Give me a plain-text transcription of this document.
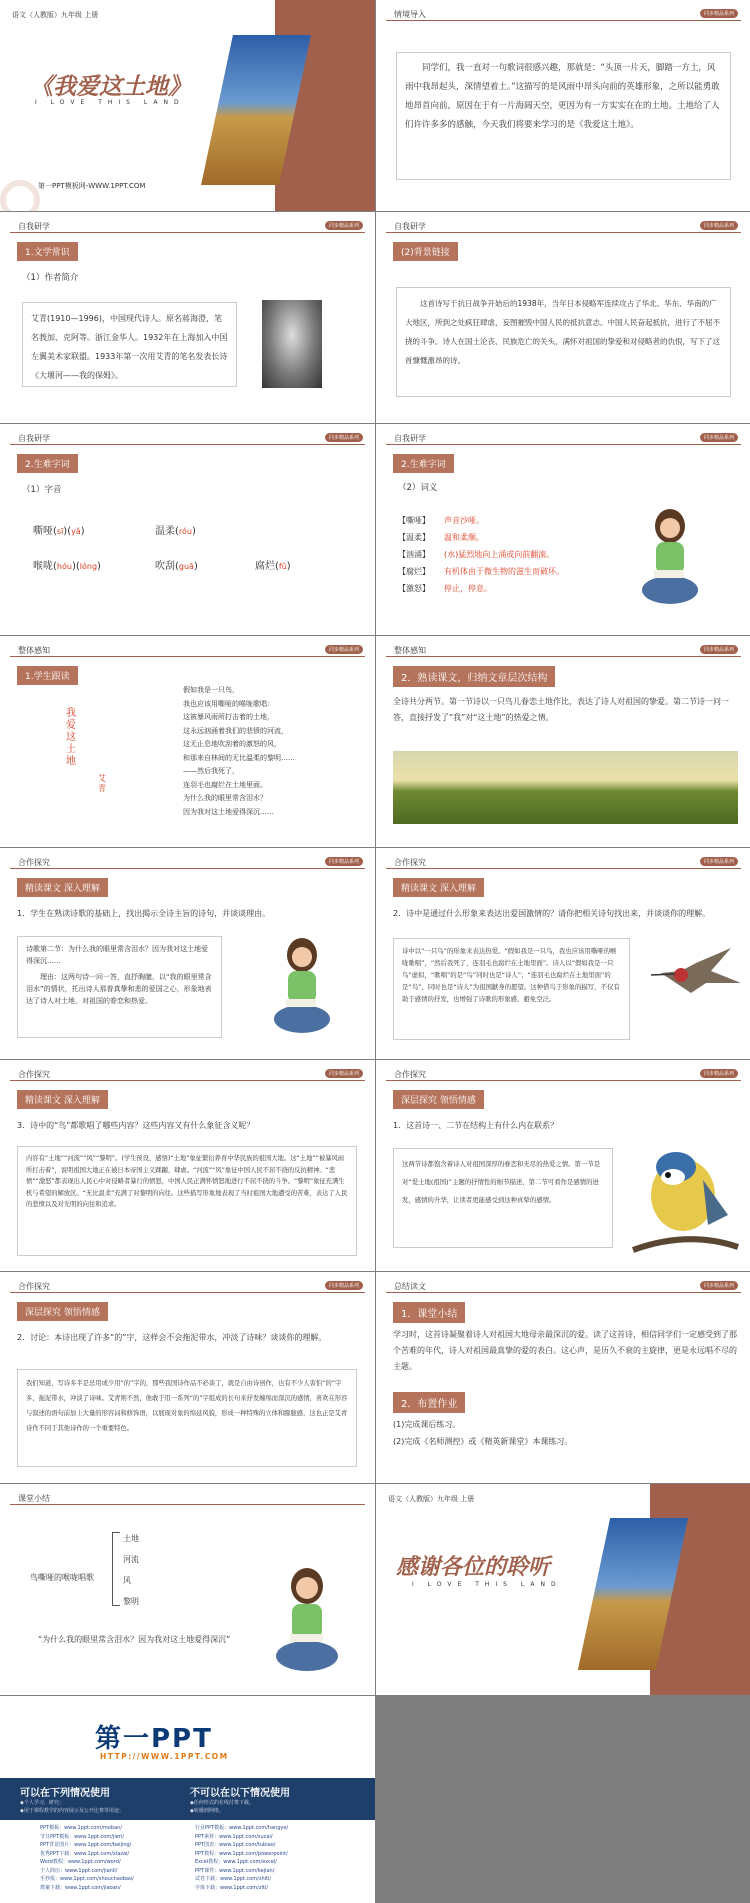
语文（人教版）九年级 上册
《我爱这土地》
I LOVE THIS LAND
第一PPT模板网-WWW.1PPT.COM
情境导入	同步精品系列
同学们，我一直对一句歌词很感兴趣，那就是：“头顶一片天，脚踏一方土，风雨中我昂起头，深情望着土。”这描写的是风雨中昂头向前的英雄形象，之所以能勇敢地昂首向前，原因在于有一片海阔天空，更因为有一方实实在在的土地。土地给了人们许许多多的感触，今天我们将要来学习的是《我爱这土地》。
自我研学	同步精品系列
1.文学常识
（1）作者简介
艾青(1910—1996)，中国现代诗人。原名蒋海澄，笔名莪加、克阿等。浙江金华人。1932年在上海加入中国左翼美术家联盟。1933年第一次用艾青的笔名发表长诗《大堰河——我的保姆》。
自我研学	同步精品系列
(2)背景链接
这首诗写于抗日战争开始后的1938年，当年日本侵略军连续攻占了华北、华东、华南的广大地区，所到之处疯狂肆虐，妄图摧毁中国人民的抵抗意志。中国人民奋起抵抗，进行了不屈不挠的斗争。诗人在国土沦丧、民族危亡的关头，满怀对祖国的挚爱和对侵略者的仇恨，写下了这首慷慨激昂的诗。
自我研学	同步精品系列
2.生难字词
（1）字音
嘶哑(sī)(yǎ)	温柔(róu)
喉咙(hóu)(lóng)	吹刮(guā)	腐烂(fǔ)
自我研学	同步精品系列
2.生难字词
（2）词义
【嘶哑】 声音沙哑。
【温柔】 温和柔顺。
【汹涌】 (水)猛烈地向上涌或向前翻滚。
【腐烂】 有机体由于微生物的滋生而破坏。
【激怒】 停止，停息。
整体感知	同步精品系列
1.学生跟读
我爱这土地
艾青
假如我是一只鸟，
我也应该用嘶哑的喉咙歌唱：
这被暴风雨所打击着的土地，
这永远汹涌着我们的悲愤的河流，
这无止息地吹刮着的激怒的风，
和那来自林间的无比温柔的黎明……
——然后我死了，
连羽毛也腐烂在土地里面。
为什么我的眼里常含泪水？
因为我对这土地爱得深沉……
整体感知	同步精品系列
2．熟读课文，归纳文章层次结构
全诗共分两节。第一节诗以一只鸟儿眷恋土地作比，表达了诗人对祖国的挚爱。第二节诗一问一答，直接抒发了“我”对“这土地”的热爱之情。
合作探究	同步精品系列
精读课文 深入理解
1．学生在熟读诗歌的基础上，找出揭示全诗主旨的诗句，并谈谈理由。
诗歌第二节：为什么我的眼里常含泪水？因为我对这土地爱得深沉……
理由：这两句诗一问一答，直抒胸臆，以“我的眼里常含泪水”的情状，托出诗人那眷真挚和悲的爱国之心，形象地表达了诗人对土地，对祖国的眷恋和热爱。
合作探究	同步精品系列
精读课文 深入理解
2．诗中是通过什么形象来表达出爱国激情的？请你把相关诗句找出来，并谈谈你的理解。
诗中以“一只鸟”的形象来表达热爱。“假如我是一只鸟，我也应该用嘶哑的喉咙歌唱”，“然后我死了，连羽毛也腐烂在土地里面”。诗人以“假如我是一只鸟”虚拟，“歌唱”的是“鸟”同时也是“诗人”；“连羽毛也腐烂在土地里面”的是“鸟”，同时也是“诗人”为祖国献身的愿望。这种借鸟于形象的描写，不仅有助于感情的抒发，也增强了诗歌的形象感，避免空泛。
合作探究	同步精品系列
精读课文 深入理解
3．诗中的“鸟”都歌唱了哪些内容？这些内容又有什么象征含义呢？
内容有“土地”“河流”“风”“黎明”。(学生预设，感悟)“土地”象征繁衍养育中华民族的祖国大地。这“土地”“被暴风雨所打击着”，说明祖国大地正在被日本帝国主义蹂躏、肆虐。“河流”“风”象征中国人民不屈不挠的反抗精神。“悲愤”“激怒”都表现出人民心中对侵略者暴行的愤怒，中国人民正满怀愤怒地进行不屈不挠的斗争。“黎明”象征充满生机与希望的解放区。“无比温柔”充满了对黎明的向往。这些描写形象地表现了当时祖国大地遭受的苦难，表达了人民的悲愤以及对光明的向往和追求。
合作探究	同步精品系列
深层探究 领悟情感
1．这首诗一、二节在结构上有什么内在联系？
这两节诗都饱含着诗人对祖国深厚的眷恋和无尽的热爱之情。第一节是对“爱土地(祖国)”主题的抒情性的细节描述，第二节可看作是感情的迸发，感情的升华，让读者更能感受到这种真挚的感情。
合作探究	同步精品系列
深层探究 领悟情感
2．讨论：本诗出现了许多“的”字，这样会不会拖泥带水，冲淡了诗味？谈谈你的理解。
我们知道，写诗多半是忌用或少用“的”字的，那些我国诗作品不必谈了，就是自由诗创作，也有不少人害怕“的”字多，拖泥带水，冲淡了诗味。艾青则不然，他敢于用一系列“的”字组成的长句来抒发缠绵而深沉的感情，喜欢在形容与叙述的语句前加上大量的形容词和修饰语，以展现对象的绵延风貌，形成一种特殊的立体和朦胧感，这也正是艾青诗作不同于其他诗作的一个重要特色。
总结读文	同步精品系列
1．课堂小结
学习时，这首诗凝聚着诗人对祖国大地母亲最深沉的爱。读了这首诗，相信同学们一定感受到了那个苦难的年代，诗人对祖国最真挚的爱的表白。这心声，是历久不衰的主旋律，更是永远唱不尽的主题。
2．布置作业
(1)完成课后练习。
(2)完成《名师测控》或《精英新课堂》本课练习。
课堂小结
鸟嘶哑的喉咙唱歌
土地
河流
风
黎明
“为什么我的眼里常含泪水？因为我对这土地爱得深沉”
语文（人教版）九年级 上册
感谢各位的聆听
I LOVE THIS LAND
第一PPT
HTTP://WWW.1PPT.COM
可以在下列情况使用	不可以在以下情况使用
◆个人学习、研究；
◆用于课程教学的内容展示及公开比赛等用途；
◆任何形式的在线付费下载。
◆转播到网络。
PPT模板：www.1ppt.com/moban/
节日PPT模板：www.1ppt.com/jieri/
PPT背景图片：www.1ppt.com/beijing/
优秀PPT下载：www.1ppt.com/xiazai/
Word教程：www.1ppt.com/word/
个人简历：www.1ppt.com/jianli/
手抄报：www.1ppt.com/shouchaobao/
教案下载：www.1ppt.com/jiaoan/
行业PPT模板：www.1ppt.com/hangye/
PPT素材：www.1ppt.com/sucai/
PPT图表：www.1ppt.com/tubiao/
PPT教程：www.1ppt.com/powerpoint/
Excel教程：www.1ppt.com/excel/
PPT课件：www.1ppt.com/kejian/
试卷下载：www.1ppt.com/shiti/
字体下载：www.1ppt.com/ziti/
